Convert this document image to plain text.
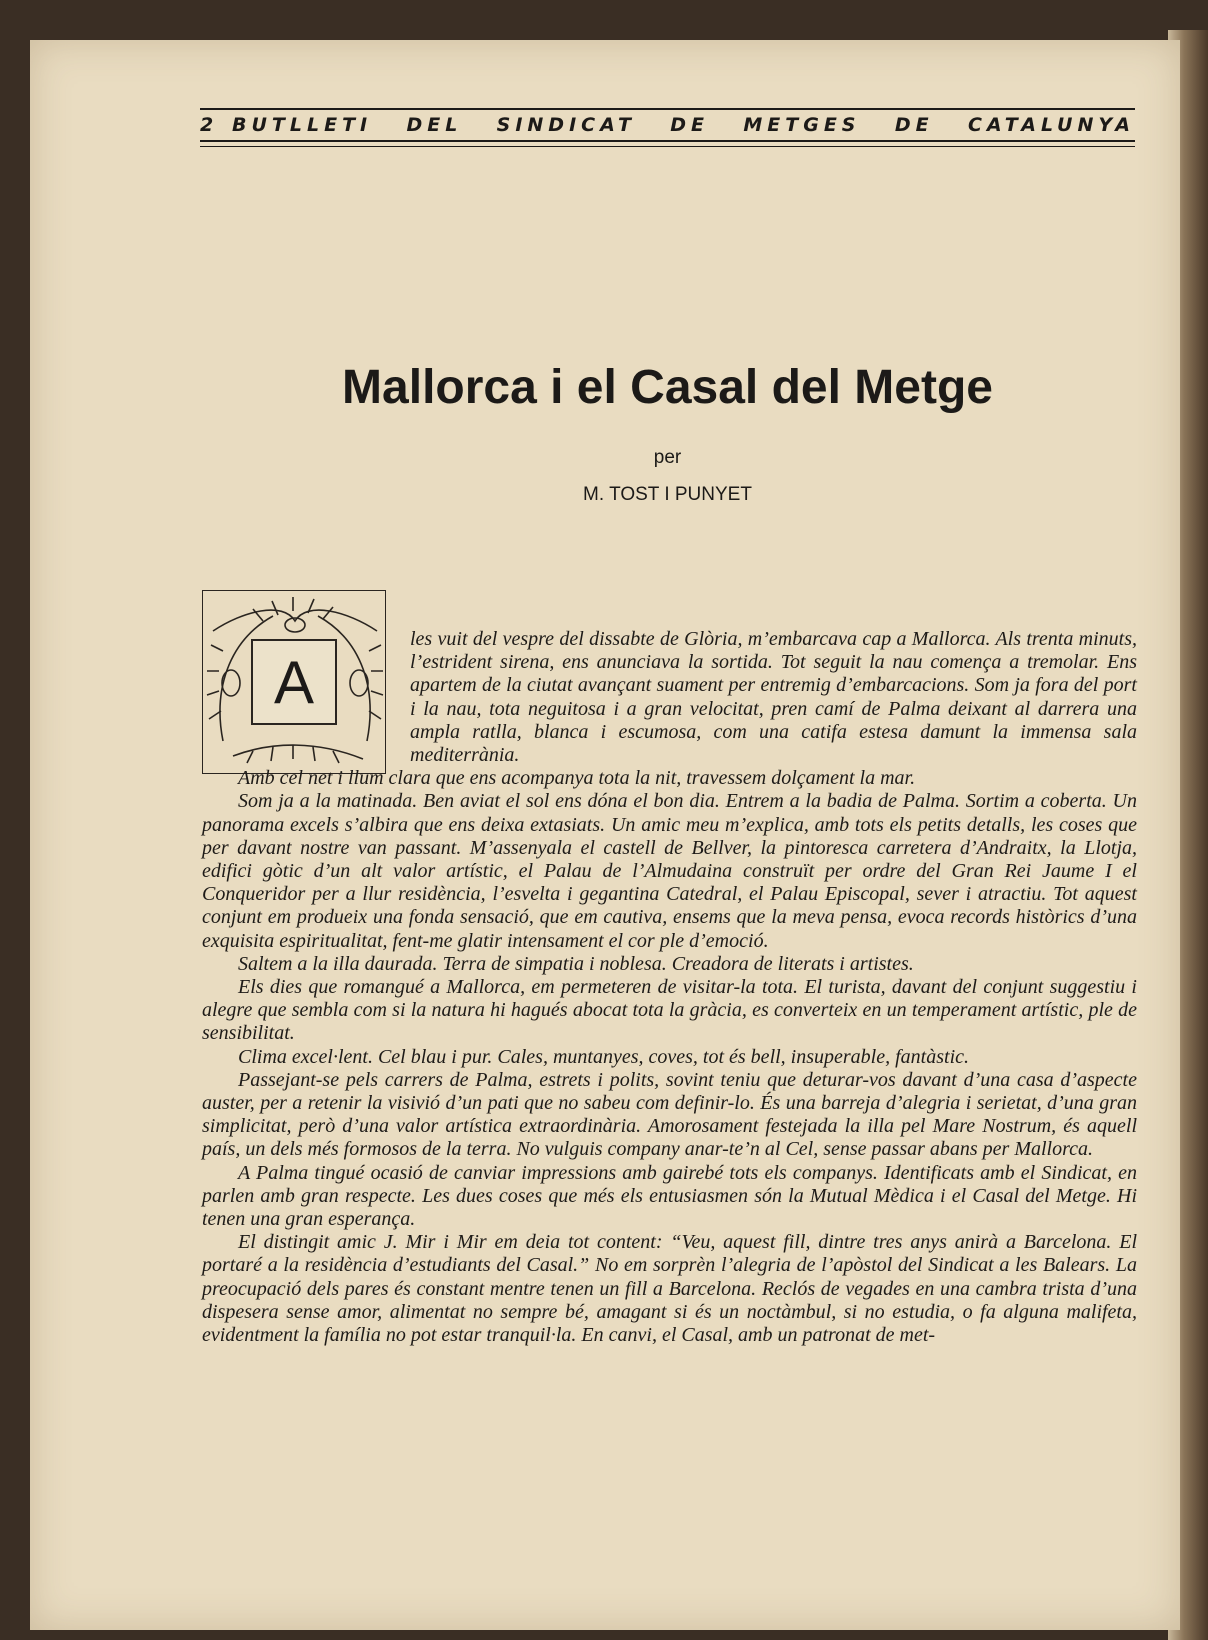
2 BUTLLETI DEL SINDICAT DE METGES DE CATALUNYA
Mallorca i el Casal del Metge
per
M. TOST I PUNYET
A

les vuit del vespre del dissabte de Glòria, m’embarcava cap a Mallorca. Als trenta minuts, l’estrident sirena, ens anunciava la sortida. Tot seguit la nau comença a tremolar. Ens apartem de la ciutat avançant suament per entremig d’embarcacions. Som ja fora del port i la nau, tota neguitosa i a gran velocitat, pren camí de Palma deixant al darrera una ampla ratlla, blanca i escumosa, com una catifa estesa damunt la immensa sala mediterrània.

Amb cel net i llum clara que ens acompanya tota la nit, travessem dolçament la mar.

Som ja a la matinada. Ben aviat el sol ens dóna el bon dia. Entrem a la badia de Palma. Sortim a coberta. Un panorama excels s’albira que ens deixa extasiats. Un amic meu m’explica, amb tots els petits detalls, les coses que per davant nostre van passant. M’assenyala el castell de Bellver, la pintoresca carretera d’Andraitx, la Llotja, edifici gòtic d’un alt valor artístic, el Palau de l’Almudaina construït per ordre del Gran Rei Jaume I el Conqueridor per a llur residència, l’esvelta i gegantina Catedral, el Palau Episcopal, sever i atractiu. Tot aquest conjunt em produeix una fonda sensació, que em cautiva, ensems que la meva pensa, evoca records històrics d’una exquisita espiritualitat, fent-me glatir intensament el cor ple d’emoció.

Saltem a la illa daurada. Terra de simpatia i noblesa. Creadora de literats i artistes.

Els dies que romangué a Mallorca, em permeteren de visitar-la tota. El turista, davant del conjunt suggestiu i alegre que sembla com si la natura hi hagués abocat tota la gràcia, es converteix en un temperament artístic, ple de sensibilitat.

Clima excel·lent. Cel blau i pur. Cales, muntanyes, coves, tot és bell, insuperable, fantàstic.

Passejant-se pels carrers de Palma, estrets i polits, sovint teniu que deturar-vos davant d’una casa d’aspecte auster, per a retenir la visivió d’un pati que no sabeu com definir-lo. És una barreja d’alegria i serietat, d’una gran simplicitat, però d’una valor artística extraordinària. Amorosament festejada la illa pel Mare Nostrum, és aquell país, un dels més formosos de la terra. No vulguis company anar-te’n al Cel, sense passar abans per Mallorca.

A Palma tingué ocasió de canviar impressions amb gairebé tots els companys. Identificats amb el Sindicat, en parlen amb gran respecte. Les dues coses que més els entusiasmen són la Mutual Mèdica i el Casal del Metge. Hi tenen una gran esperança.

El distingit amic J. Mir i Mir em deia tot content: “Veu, aquest fill, dintre tres anys anirà a Barcelona. El portaré a la residència d’estudiants del Casal.” No em sorprèn l’alegria de l’apòstol del Sindicat a les Balears. La preocupació dels pares és constant mentre tenen un fill a Barcelona. Reclós de vegades en una cambra trista d’una dispesera sense amor, alimentat no sempre bé, amagant si és un noctàmbul, si no estudia, o fa alguna malifeta, evidentment la família no pot estar tranquil·la. En canvi, el Casal, amb un patronat de met-
